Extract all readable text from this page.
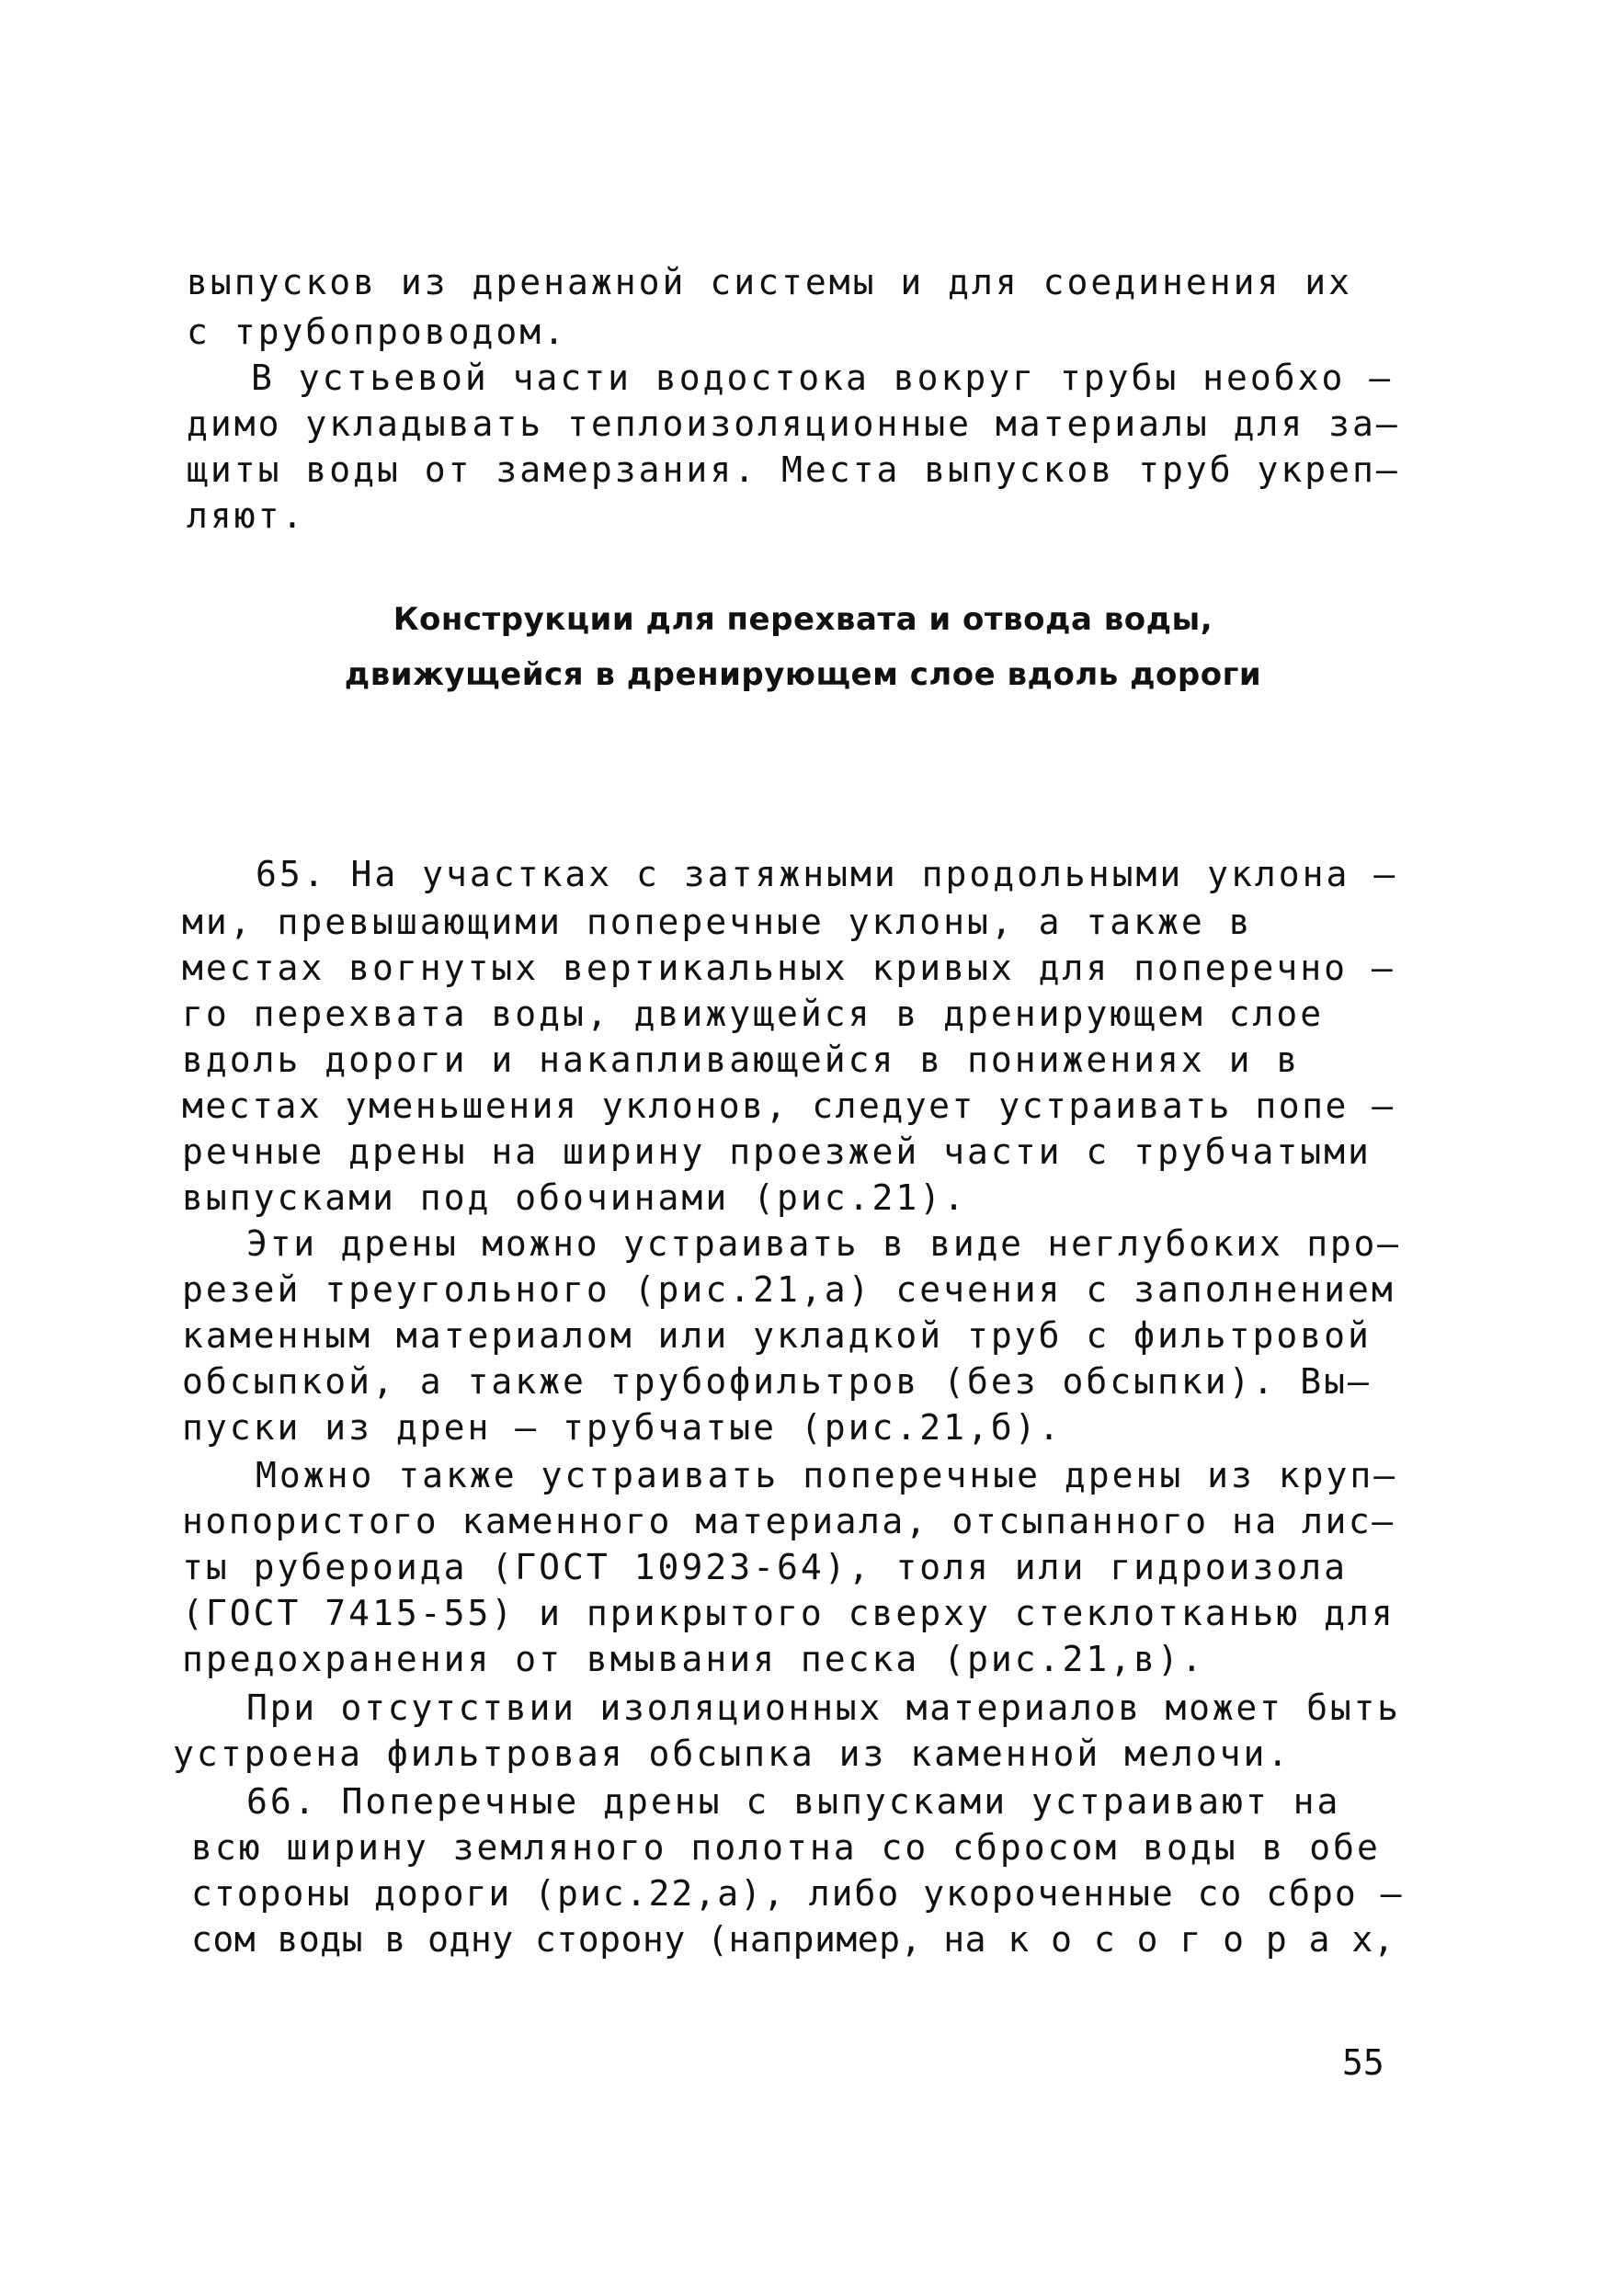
выпусков из дренажной системы и для соединения их
с трубопроводом.
В устьевой части водостока вокруг трубы необхо –
димо укладывать теплоизоляционные материалы для за–
щиты воды от замерзания. Места выпусков труб укреп–
ляют.
Конструкции для перехвата и отвода воды,
движущейся в дренирующем слое вдоль дороги
65. На участках с затяжными продольными уклона –
ми, превышающими поперечные уклоны, а также в
местах вогнутых вертикальных кривых для поперечно –
го перехвата воды, движущейся в дренирующем слое
вдоль дороги и накапливающейся в понижениях и в
местах уменьшения уклонов, следует устраивать попе –
речные дрены на ширину проезжей части с трубчатыми
выпусками под обочинами (рис.21).
Эти дрены можно устраивать в виде неглубоких про–
резей треугольного (рис.21,а) сечения с заполнением
каменным материалом или укладкой труб с фильтровой
обсыпкой, а также трубофильтров (без обсыпки). Вы–
пуски из дрен – трубчатые (рис.21,б).
Можно также устраивать поперечные дрены из круп–
нопористого каменного материала, отсыпанного на лис–
ты рубероида (ГОСТ 10923-64), толя или гидроизола
(ГОСТ 7415-55) и прикрытого сверху стеклотканью для
предохранения от вмывания песка (рис.21,в).
При отсутствии изоляционных материалов может быть
устроена фильтровая обсыпка из каменной мелочи.
66. Поперечные дрены с выпусками устраивают на
всю ширину земляного полотна со сбросом воды в обе
стороны дороги (рис.22,а), либо укороченные со сбро –
сом воды в одну сторону (например, на к о с о г о р а х,
55
